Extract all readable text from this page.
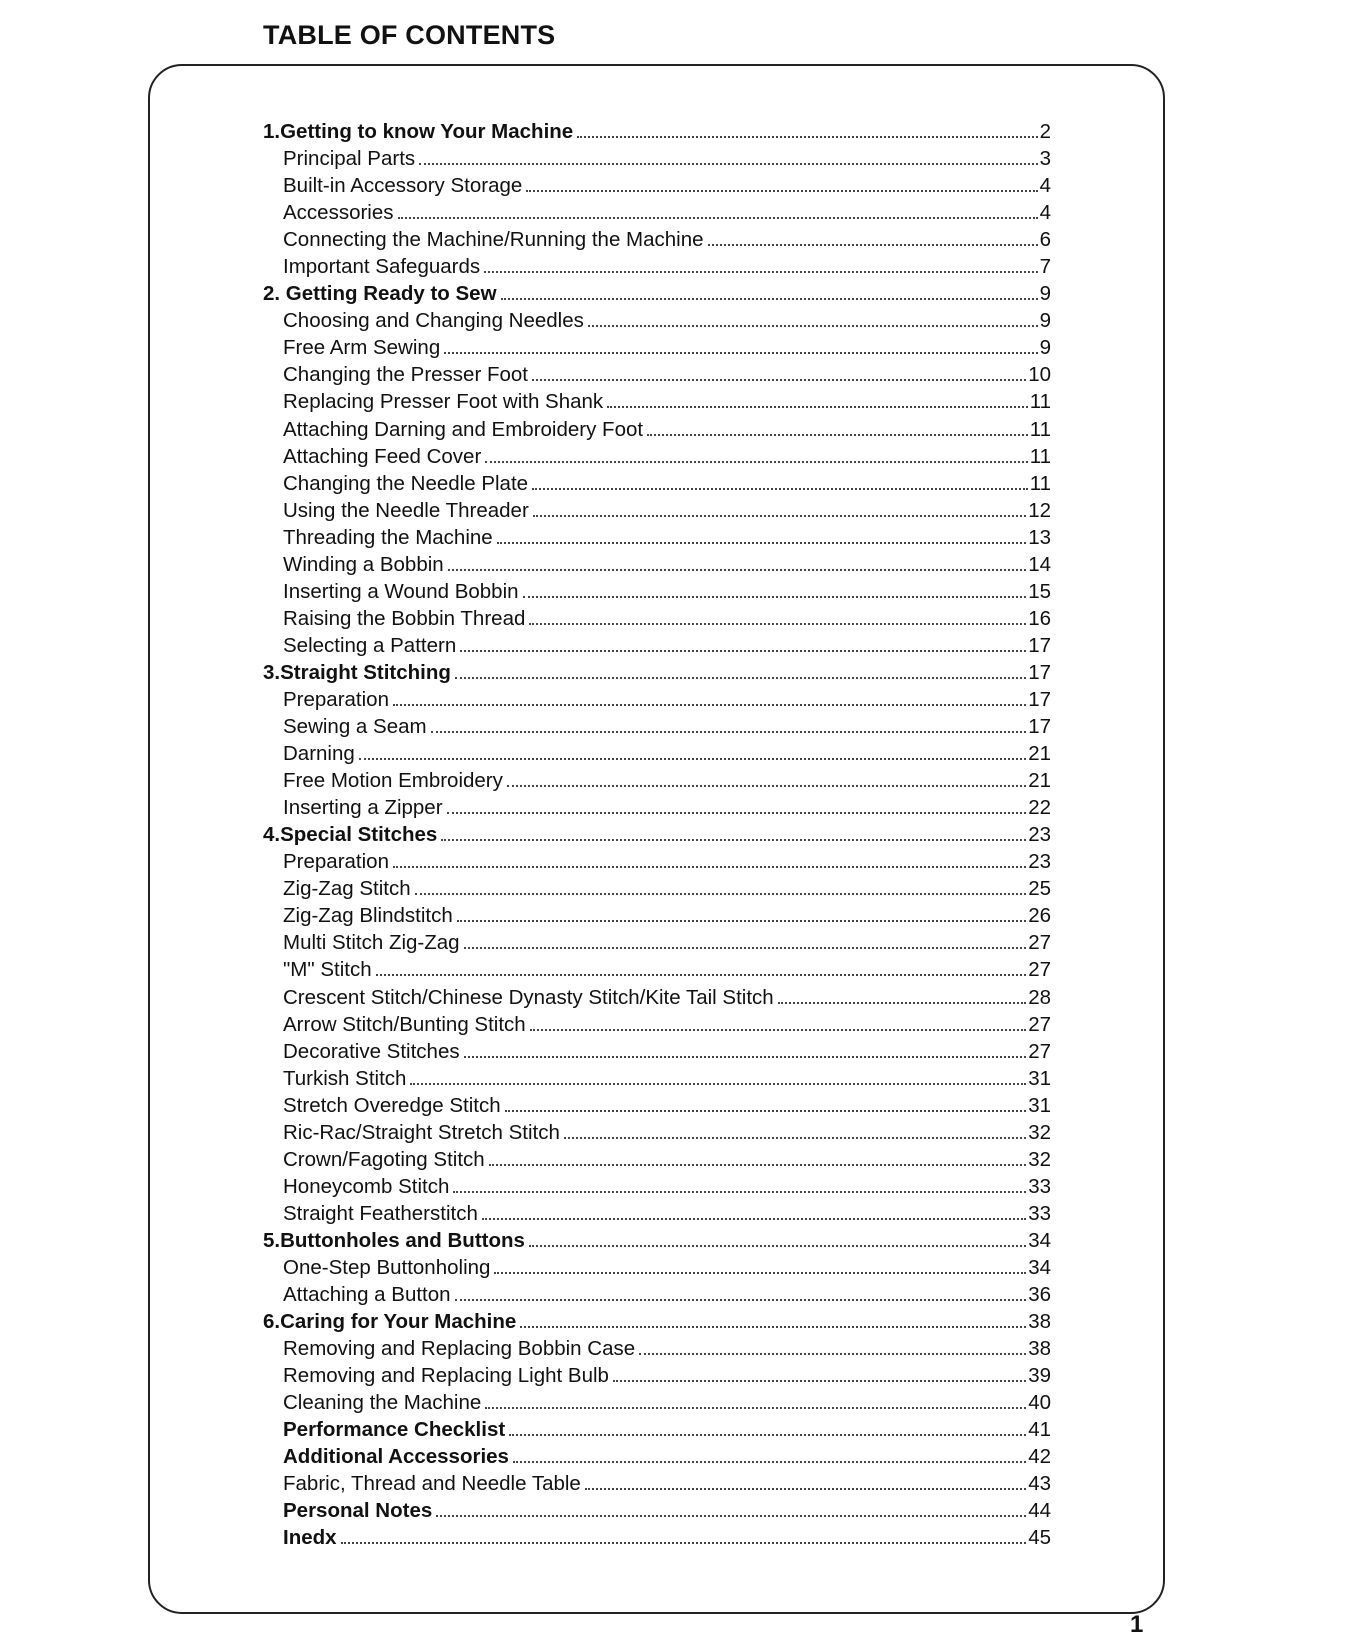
TABLE OF CONTENTS
1.Getting to know Your Machine	2
Principal Parts	3
Built-in Accessory Storage	4
Accessories	4
Connecting the Machine/Running the Machine	6
Important Safeguards	7
2. Getting Ready to Sew	9
Choosing and Changing Needles	9
Free Arm Sewing	9
Changing the Presser Foot	10
Replacing Presser Foot with Shank	11
Attaching Darning and Embroidery Foot	11
Attaching Feed Cover	11
Changing the Needle Plate	11
Using the Needle Threader	12
Threading the Machine	13
Winding a Bobbin	14
Inserting a Wound Bobbin	15
Raising the Bobbin Thread	16
Selecting a Pattern	17
3.Straight Stitching	17
Preparation	17
Sewing a Seam	17
Darning	21
Free Motion Embroidery	21
Inserting a Zipper	22
4.Special Stitches	23
Preparation	23
Zig-Zag Stitch	25
Zig-Zag Blindstitch	26
Multi Stitch Zig-Zag	27
"M" Stitch	27
Crescent Stitch/Chinese Dynasty Stitch/Kite Tail Stitch	28
Arrow Stitch/Bunting Stitch	27
Decorative Stitches	27
Turkish Stitch	31
Stretch Overedge Stitch	31
Ric-Rac/Straight Stretch Stitch	32
Crown/Fagoting Stitch	32
Honeycomb Stitch	33
Straight Featherstitch	33
5.Buttonholes and Buttons	34
One-Step Buttonholing	34
Attaching a Button	36
6.Caring for Your Machine	38
Removing and Replacing Bobbin Case	38
Removing and Replacing Light Bulb	39
Cleaning the Machine	40
Performance Checklist	41
Additional Accessories	42
Fabric, Thread and Needle Table	43
Personal Notes	44
Inedx	45
1
